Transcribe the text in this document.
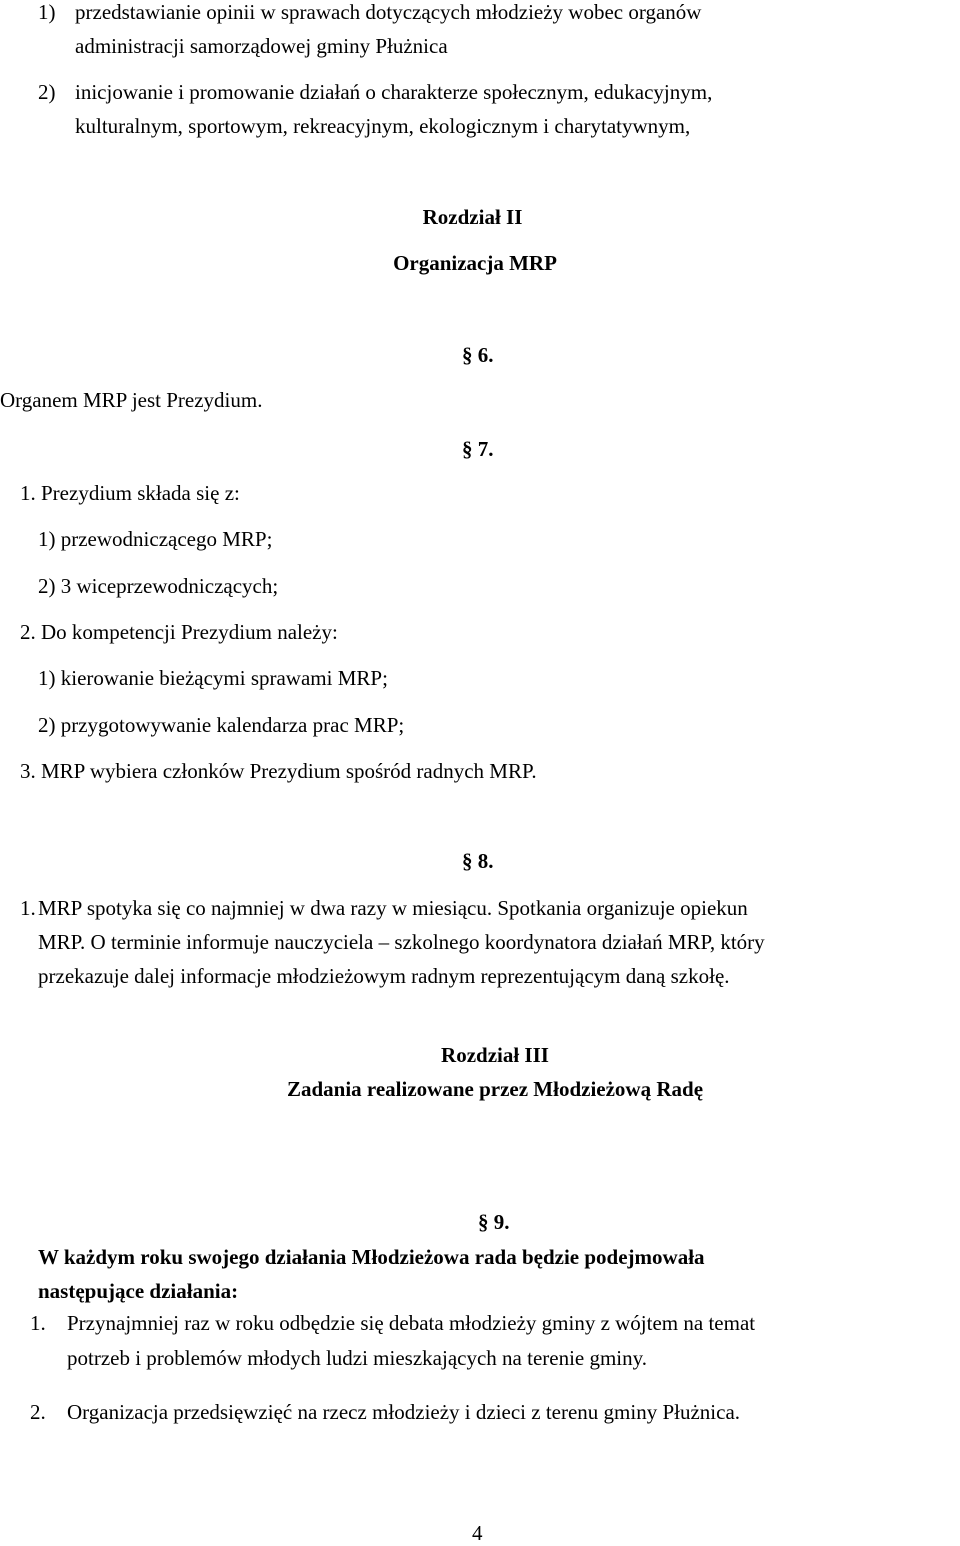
1) przedstawianie opinii w sprawach dotyczących młodzieży wobec organów
administracji samorządowej gminy Płużnica
2) inicjowanie i promowanie działań o charakterze społecznym, edukacyjnym,
kulturalnym, sportowym, rekreacyjnym, ekologicznym i charytatywnym,
Rozdział II
Organizacja MRP
§ 6.
Organem MRP jest Prezydium.
§ 7.
1. Prezydium składa się z:
1) przewodniczącego MRP;
2) 3 wiceprzewodniczących;
2. Do kompetencji Prezydium należy:
1) kierowanie bieżącymi sprawami MRP;
2) przygotowywanie kalendarza prac MRP;
3. MRP wybiera członków Prezydium spośród radnych MRP.
§ 8.
1. MRP spotyka się co najmniej w dwa razy w miesiącu. Spotkania organizuje opiekun
MRP. O terminie informuje nauczyciela – szkolnego koordynatora działań MRP, który
przekazuje dalej informacje młodzieżowym radnym reprezentującym daną szkołę.
Rozdział III
Zadania realizowane przez Młodzieżową Radę
§ 9.
W każdym roku swojego działania Młodzieżowa rada będzie podejmowała
następujące działania:
1. Przynajmniej raz w roku odbędzie się debata młodzieży gminy z wójtem na temat
potrzeb i problemów młodych ludzi mieszkających na terenie gminy.
2. Organizacja przedsięwzięć na rzecz młodzieży i dzieci z terenu gminy Płużnica.
4
